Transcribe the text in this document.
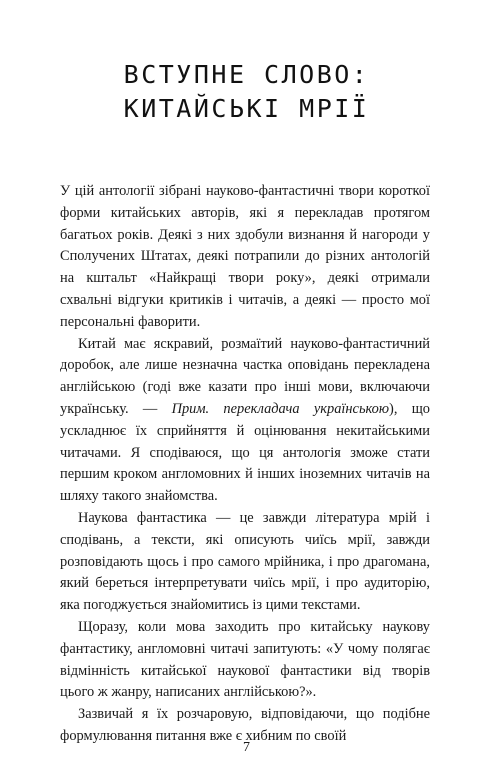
ВСТУПНЕ СЛОВО:
КИТАЙСЬКІ МРІЇ

У цій антології зібрані науково-фантастичні твори короткої форми китайських авторів, які я перекладав протягом багатьох років. Деякі з них здобули визнання й нагороди у Сполучених Штатах, деякі потрапили до різних антологій на кштальт «Найкращі твори року», деякі отримали схвальні відгуки критиків і читачів, а деякі — просто мої персональні фаворити.

Китай має яскравий, розмаїтий науково-фантастичний доробок, але лише незначна частка оповідань перекладена англійською (годі вже казати про інші мови, включаючи українську. — Прим. перекладача українською), що ускладнює їх сприйняття й оцінювання некитайськими читачами. Я сподіваюся, що ця антологія зможе стати першим кроком англомовних й інших іноземних читачів на шляху такого знайомства.

Наукова фантастика — це завжди література мрій і сподівань, а тексти, які описують чиїсь мрії, завжди розповідають щось і про самого мрійника, і про драгомана, який береться інтерпретувати чиїсь мрії, і про аудиторію, яка погоджується знайомитись із цими текстами.

Щоразу, коли мова заходить про китайську наукову фантастику, англомовні читачі запитують: «У чому полягає відмінність китайської наукової фантастики від творів цього ж жанру, написаних англійською?».

Зазвичай я їх розчаровую, відповідаючи, що подібне формулювання питання вже є хибним по своїй

7
